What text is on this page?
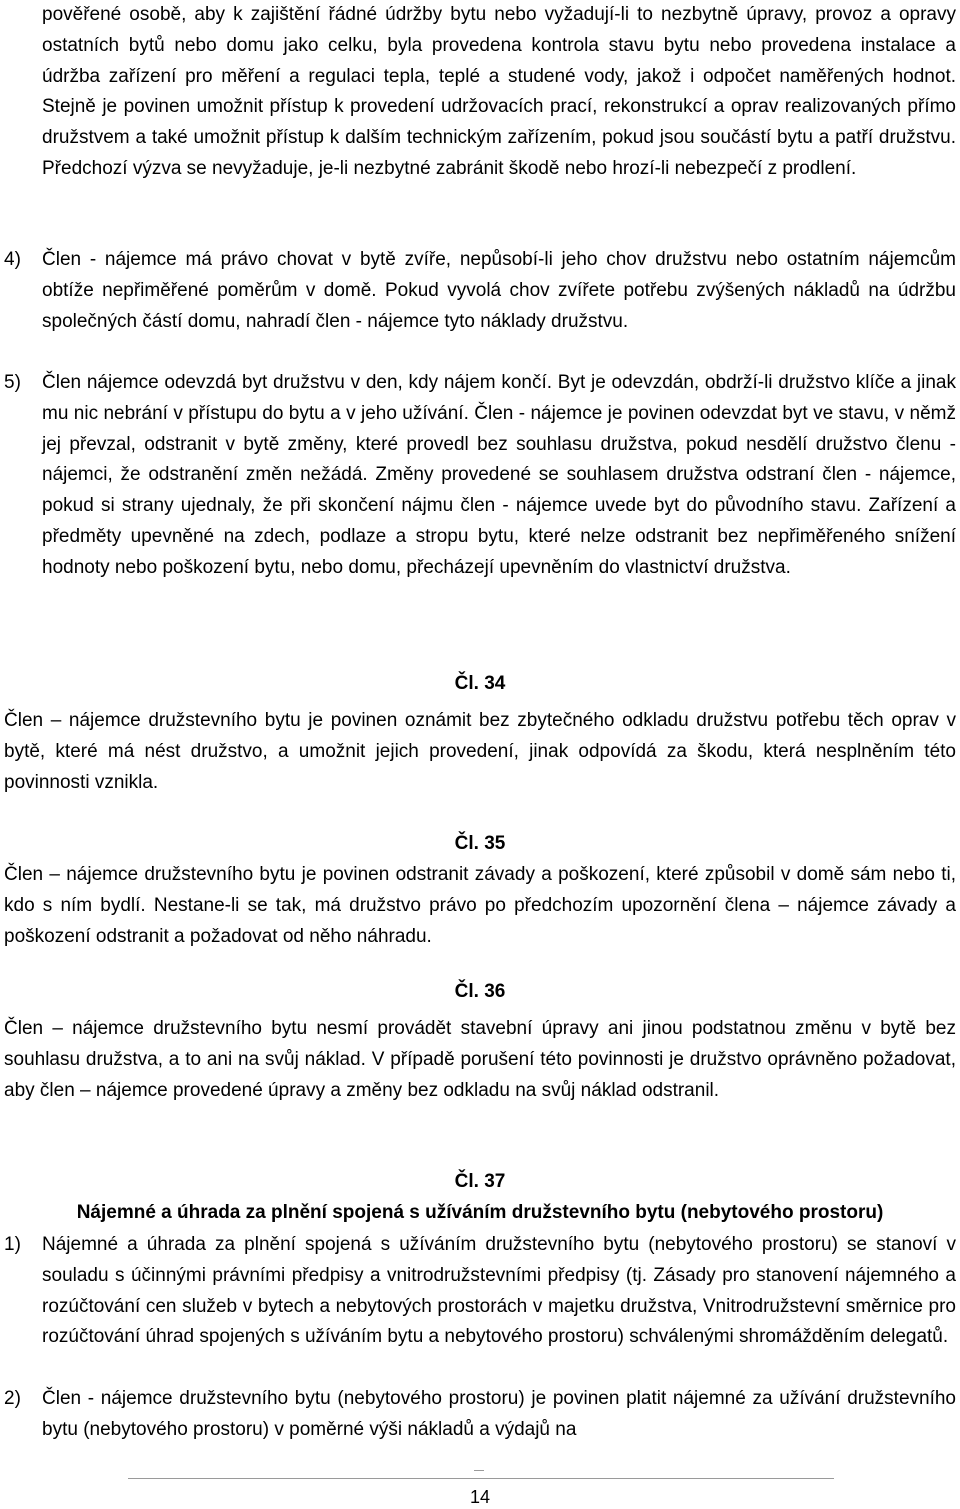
pověřené osobě, aby k zajištění řádné údržby bytu nebo vyžadují-li to nezbytně úpravy, provoz a opravy ostatních bytů nebo domu jako celku, byla provedena kontrola stavu bytu nebo provedena instalace a údržba zařízení pro měření a regulaci tepla, teplé a studené vody, jakož i odpočet naměřených hodnot. Stejně je povinen umožnit přístup k provedení udržovacích prací, rekonstrukcí a oprav realizovaných přímo družstvem a také umožnit přístup k dalším technickým zařízením, pokud jsou součástí bytu a patří družstvu. Předchozí výzva se nevyžaduje, je-li nezbytné zabránit škodě nebo hrozí-li nebezpečí z prodlení.

4) Člen - nájemce má právo chovat v bytě zvíře, nepůsobí-li jeho chov družstvu nebo ostatním nájemcům obtíže nepřiměřené poměrům v domě. Pokud vyvolá chov zvířete potřebu zvýšených nákladů na údržbu společných částí domu, nahradí člen - nájemce tyto náklady družstvu.

5) Člen nájemce odevzdá byt družstvu v den, kdy nájem končí. Byt je odevzdán, obdrží-li družstvo klíče a jinak mu nic nebrání v přístupu do bytu a v jeho užívání. Člen - nájemce je povinen odevzdat byt ve stavu, v němž jej převzal, odstranit v bytě změny, které provedl bez souhlasu družstva, pokud nesdělí družstvo členu - nájemci, že odstranění změn nežádá. Změny provedené se souhlasem družstva odstraní člen - nájemce, pokud si strany ujednaly, že při skončení nájmu člen - nájemce uvede byt do původního stavu. Zařízení a předměty upevněné na zdech, podlaze a stropu bytu, které nelze odstranit bez nepřiměřeného snížení hodnoty nebo poškození bytu, nebo domu, přecházejí upevněním do vlastnictví družstva.

Čl. 34

Člen – nájemce družstevního bytu je povinen oznámit bez zbytečného odkladu družstvu potřebu těch oprav v bytě, které má nést družstvo, a umožnit jejich provedení, jinak odpovídá za škodu, která nesplněním této povinnosti vznikla.

Čl. 35

Člen – nájemce družstevního bytu je povinen odstranit závady a poškození, které způsobil v domě sám nebo ti, kdo s ním bydlí. Nestane-li se tak, má družstvo právo po předchozím upozornění člena – nájemce závady a poškození odstranit a požadovat od něho náhradu.

Čl. 36

Člen – nájemce družstevního bytu nesmí provádět stavební úpravy ani jinou podstatnou změnu v bytě bez souhlasu družstva, a to ani na svůj náklad. V případě porušení této povinnosti je družstvo oprávněno požadovat, aby člen – nájemce provedené úpravy a změny bez odkladu na svůj náklad odstranil.

Čl. 37
Nájemné a úhrada za plnění spojená s užíváním družstevního bytu (nebytového prostoru)
1) Nájemné a úhrada za plnění spojená s užíváním družstevního bytu (nebytového prostoru) se stanoví v souladu s účinnými právními předpisy a vnitrodružstevními předpisy (tj. Zásady pro stanovení nájemného a rozúčtování cen služeb v bytech a nebytových prostorách v majetku družstva, Vnitrodružstevní směrnice pro rozúčtování úhrad spojených s užíváním bytu a nebytového prostoru) schválenými shromážděním delegatů.

2) Člen - nájemce družstevního bytu (nebytového prostoru) je povinen platit nájemné za užívání družstevního bytu (nebytového prostoru) v poměrné výši nákladů a výdajů na

14
